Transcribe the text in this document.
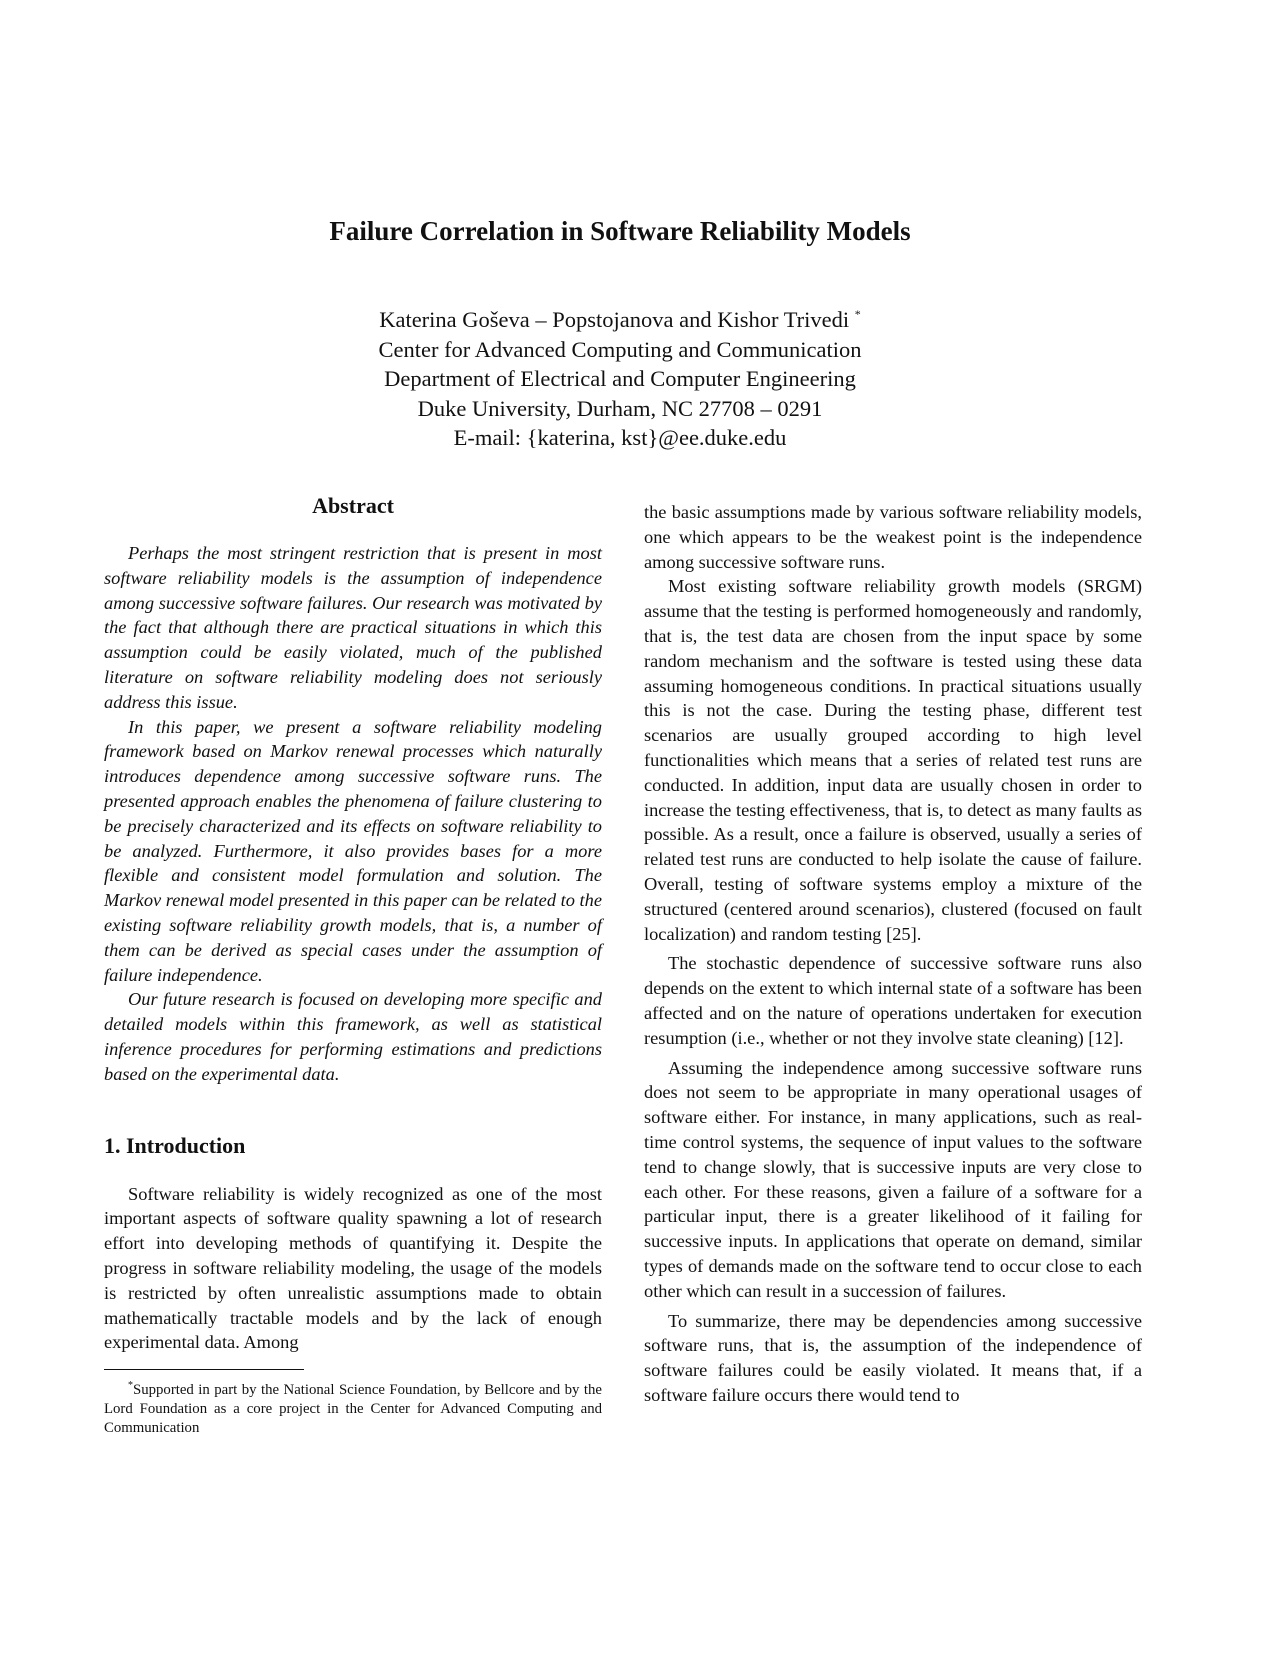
Failure Correlation in Software Reliability Models
Katerina Goševa – Popstojanova and Kishor Trivedi *
Center for Advanced Computing and Communication
Department of Electrical and Computer Engineering
Duke University, Durham, NC 27708 – 0291
E-mail: {katerina, kst}@ee.duke.edu
Abstract

Perhaps the most stringent restriction that is present in most software reliability models is the assumption of independence among successive software failures. Our research was motivated by the fact that although there are practical situations in which this assumption could be easily violated, much of the published literature on software reliability modeling does not seriously address this issue.

In this paper, we present a software reliability modeling framework based on Markov renewal processes which naturally introduces dependence among successive software runs. The presented approach enables the phenomena of failure clustering to be precisely characterized and its effects on software reliability to be analyzed. Furthermore, it also provides bases for a more flexible and consistent model formulation and solution. The Markov renewal model presented in this paper can be related to the existing software reliability growth models, that is, a number of them can be derived as special cases under the assumption of failure independence.

Our future research is focused on developing more specific and detailed models within this framework, as well as statistical inference procedures for performing estimations and predictions based on the experimental data.

1. Introduction

Software reliability is widely recognized as one of the most important aspects of software quality spawning a lot of research effort into developing methods of quantifying it. Despite the progress in software reliability modeling, the usage of the models is restricted by often unrealistic assumptions made to obtain mathematically tractable models and by the lack of enough experimental data. Among

*Supported in part by the National Science Foundation, by Bellcore and by the Lord Foundation as a core project in the Center for Advanced Computing and Communication

the basic assumptions made by various software reliability models, one which appears to be the weakest point is the independence among successive software runs.

Most existing software reliability growth models (SRGM) assume that the testing is performed homogeneously and randomly, that is, the test data are chosen from the input space by some random mechanism and the software is tested using these data assuming homogeneous conditions. In practical situations usually this is not the case. During the testing phase, different test scenarios are usually grouped according to high level functionalities which means that a series of related test runs are conducted. In addition, input data are usually chosen in order to increase the testing effectiveness, that is, to detect as many faults as possible. As a result, once a failure is observed, usually a series of related test runs are conducted to help isolate the cause of failure. Overall, testing of software systems employ a mixture of the structured (centered around scenarios), clustered (focused on fault localization) and random testing [25].

The stochastic dependence of successive software runs also depends on the extent to which internal state of a software has been affected and on the nature of operations undertaken for execution resumption (i.e., whether or not they involve state cleaning) [12].

Assuming the independence among successive software runs does not seem to be appropriate in many operational usages of software either. For instance, in many applications, such as real-time control systems, the sequence of input values to the software tend to change slowly, that is successive inputs are very close to each other. For these reasons, given a failure of a software for a particular input, there is a greater likelihood of it failing for successive inputs. In applications that operate on demand, similar types of demands made on the software tend to occur close to each other which can result in a succession of failures.

To summarize, there may be dependencies among successive software runs, that is, the assumption of the independence of software failures could be easily violated. It means that, if a software failure occurs there would tend to
